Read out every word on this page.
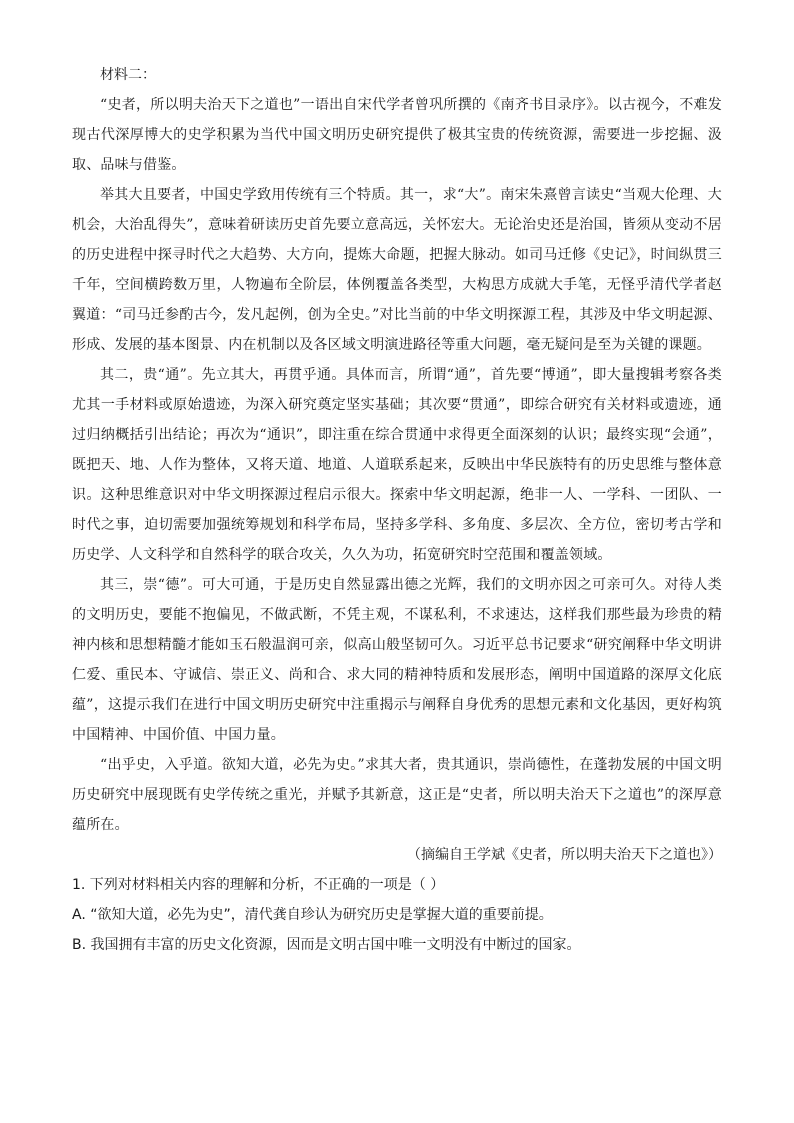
材料二：

“史者，所以明夫治天下之道也”一语出自宋代学者曾巩所撰的《南齐书目录序》。以古视今，不难发现古代深厚博大的史学积累为当代中国文明历史研究提供了极其宝贵的传统资源，需要进一步挖掘、汲取、品味与借鉴。

举其大且要者，中国史学致用传统有三个特质。其一，求“大”。南宋朱熹曾言读史“当观大伦理、大机会，大治乱得失”，意味着研读历史首先要立意高远，关怀宏大。无论治史还是治国，皆须从变动不居的历史进程中探寻时代之大趋势、大方向，提炼大命题，把握大脉动。如司马迁修《史记》，时间纵贯三千年，空间横跨数万里，人物遍布全阶层，体例覆盖各类型，大构思方成就大手笔，无怪乎清代学者赵翼道：“司马迁参酌古今，发凡起例，创为全史。”对比当前的中华文明探源工程，其涉及中华文明起源、形成、发展的基本图景、内在机制以及各区域文明演进路径等重大问题，毫无疑问是至为关键的课题。

其二，贵“通”。先立其大，再贯乎通。具体而言，所谓“通”，首先要“博通”，即大量搜辑考察各类尤其一手材料或原始遗迹，为深入研究奠定坚实基础；其次要“贯通”，即综合研究有关材料或遗迹，通过归纳概括引出结论；再次为“通识”，即注重在综合贯通中求得更全面深刻的认识；最终实现“会通”，既把天、地、人作为整体，又将天道、地道、人道联系起来，反映出中华民族特有的历史思维与整体意识。这种思维意识对中华文明探源过程启示很大。探索中华文明起源，绝非一人、一学科、一团队、一时代之事，迫切需要加强统筹规划和科学布局，坚持多学科、多角度、多层次、全方位，密切考古学和历史学、人文科学和自然科学的联合攻关，久久为功，拓宽研究时空范围和覆盖领域。

其三，崇“德”。可大可通，于是历史自然显露出德之光辉，我们的文明亦因之可亲可久。对待人类的文明历史，要能不抱偏见，不做武断，不凭主观，不谋私利，不求速达，这样我们那些最为珍贵的精神内核和思想精髓才能如玉石般温润可亲，似高山般坚韧可久。习近平总书记要求“研究阐释中华文明讲仁爱、重民本、守诚信、崇正义、尚和合、求大同的精神特质和发展形态，阐明中国道路的深厚文化底蕴”，这提示我们在进行中国文明历史研究中注重揭示与阐释自身优秀的思想元素和文化基因，更好构筑中国精神、中国价值、中国力量。

“出乎史，入乎道。欲知大道，必先为史。”求其大者，贵其通识，崇尚德性，在蓬勃发展的中国文明历史研究中展现既有史学传统之重光，并赋予其新意，这正是“史者，所以明夫治天下之道也”的深厚意蕴所在。

（摘编自王学斌《史者，所以明夫治天下之道也》）

1. 下列对材料相关内容的理解和分析，不正确的一项是（ ）

A. “欲知大道，必先为史”，清代龚自珍认为研究历史是掌握大道的重要前提。

B. 我国拥有丰富的历史文化资源，因而是文明古国中唯一文明没有中断过的国家。
